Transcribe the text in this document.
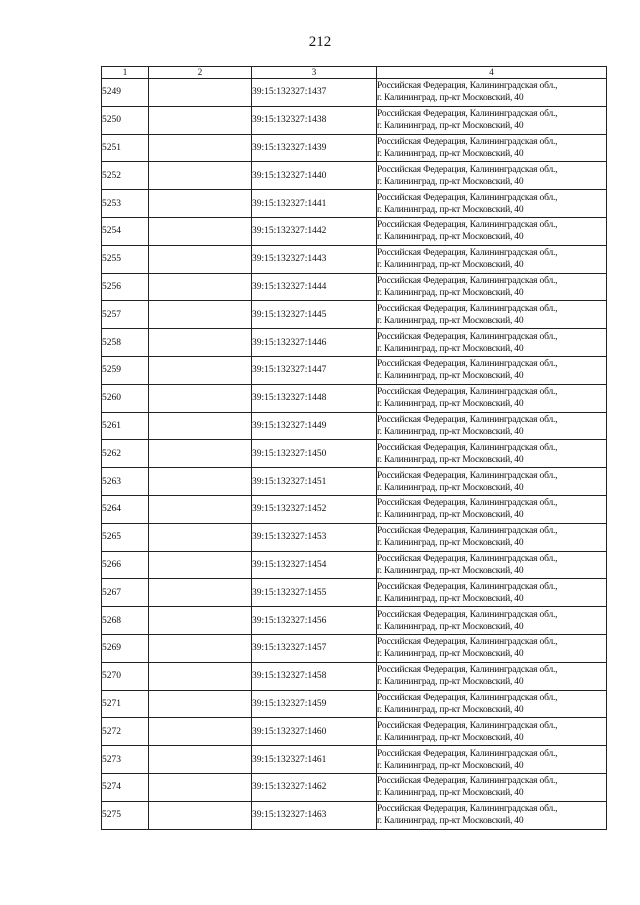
212
1	2	3	4
5249		39:15:132327:1437	Российская Федерация, Калининградская обл.,
г. Калининград, пр-кт Московский, 40

5250		39:15:132327:1438	Российская Федерация, Калининградская обл.,
г. Калининград, пр-кт Московский, 40

5251		39:15:132327:1439	Российская Федерация, Калининградская обл.,
г. Калининград, пр-кт Московский, 40

5252		39:15:132327:1440	Российская Федерация, Калининградская обл.,
г. Калининград, пр-кт Московский, 40

5253		39:15:132327:1441	Российская Федерация, Калининградская обл.,
г. Калининград, пр-кт Московский, 40

5254		39:15:132327:1442	Российская Федерация, Калининградская обл.,
г. Калининград, пр-кт Московский, 40

5255		39:15:132327:1443	Российская Федерация, Калининградская обл.,
г. Калининград, пр-кт Московский, 40

5256		39:15:132327:1444	Российская Федерация, Калининградская обл.,
г. Калининград, пр-кт Московский, 40

5257		39:15:132327:1445	Российская Федерация, Калининградская обл.,
г. Калининград, пр-кт Московский, 40

5258		39:15:132327:1446	Российская Федерация, Калининградская обл.,
г. Калининград, пр-кт Московский, 40

5259		39:15:132327:1447	Российская Федерация, Калининградская обл.,
г. Калининград, пр-кт Московский, 40

5260		39:15:132327:1448	Российская Федерация, Калининградская обл.,
г. Калининград, пр-кт Московский, 40

5261		39:15:132327:1449	Российская Федерация, Калининградская обл.,
г. Калининград, пр-кт Московский, 40

5262		39:15:132327:1450	Российская Федерация, Калининградская обл.,
г. Калининград, пр-кт Московский, 40

5263		39:15:132327:1451	Российская Федерация, Калининградская обл.,
г. Калининград, пр-кт Московский, 40

5264		39:15:132327:1452	Российская Федерация, Калининградская обл.,
г. Калининград, пр-кт Московский, 40

5265		39:15:132327:1453	Российская Федерация, Калининградская обл.,
г. Калининград, пр-кт Московский, 40

5266		39:15:132327:1454	Российская Федерация, Калининградская обл.,
г. Калининград, пр-кт Московский, 40

5267		39:15:132327:1455	Российская Федерация, Калининградская обл.,
г. Калининград, пр-кт Московский, 40

5268		39:15:132327:1456	Российская Федерация, Калининградская обл.,
г. Калининград, пр-кт Московский, 40

5269		39:15:132327:1457	Российская Федерация, Калининградская обл.,
г. Калининград, пр-кт Московский, 40

5270		39:15:132327:1458	Российская Федерация, Калининградская обл.,
г. Калининград, пр-кт Московский, 40

5271		39:15:132327:1459	Российская Федерация, Калининградская обл.,
г. Калининград, пр-кт Московский, 40

5272		39:15:132327:1460	Российская Федерация, Калининградская обл.,
г. Калининград, пр-кт Московский, 40

5273		39:15:132327:1461	Российская Федерация, Калининградская обл.,
г. Калининград, пр-кт Московский, 40

5274		39:15:132327:1462	Российская Федерация, Калининградская обл.,
г. Калининград, пр-кт Московский, 40

5275		39:15:132327:1463	Российская Федерация, Калининградская обл.,
г. Калининград, пр-кт Московский, 40
